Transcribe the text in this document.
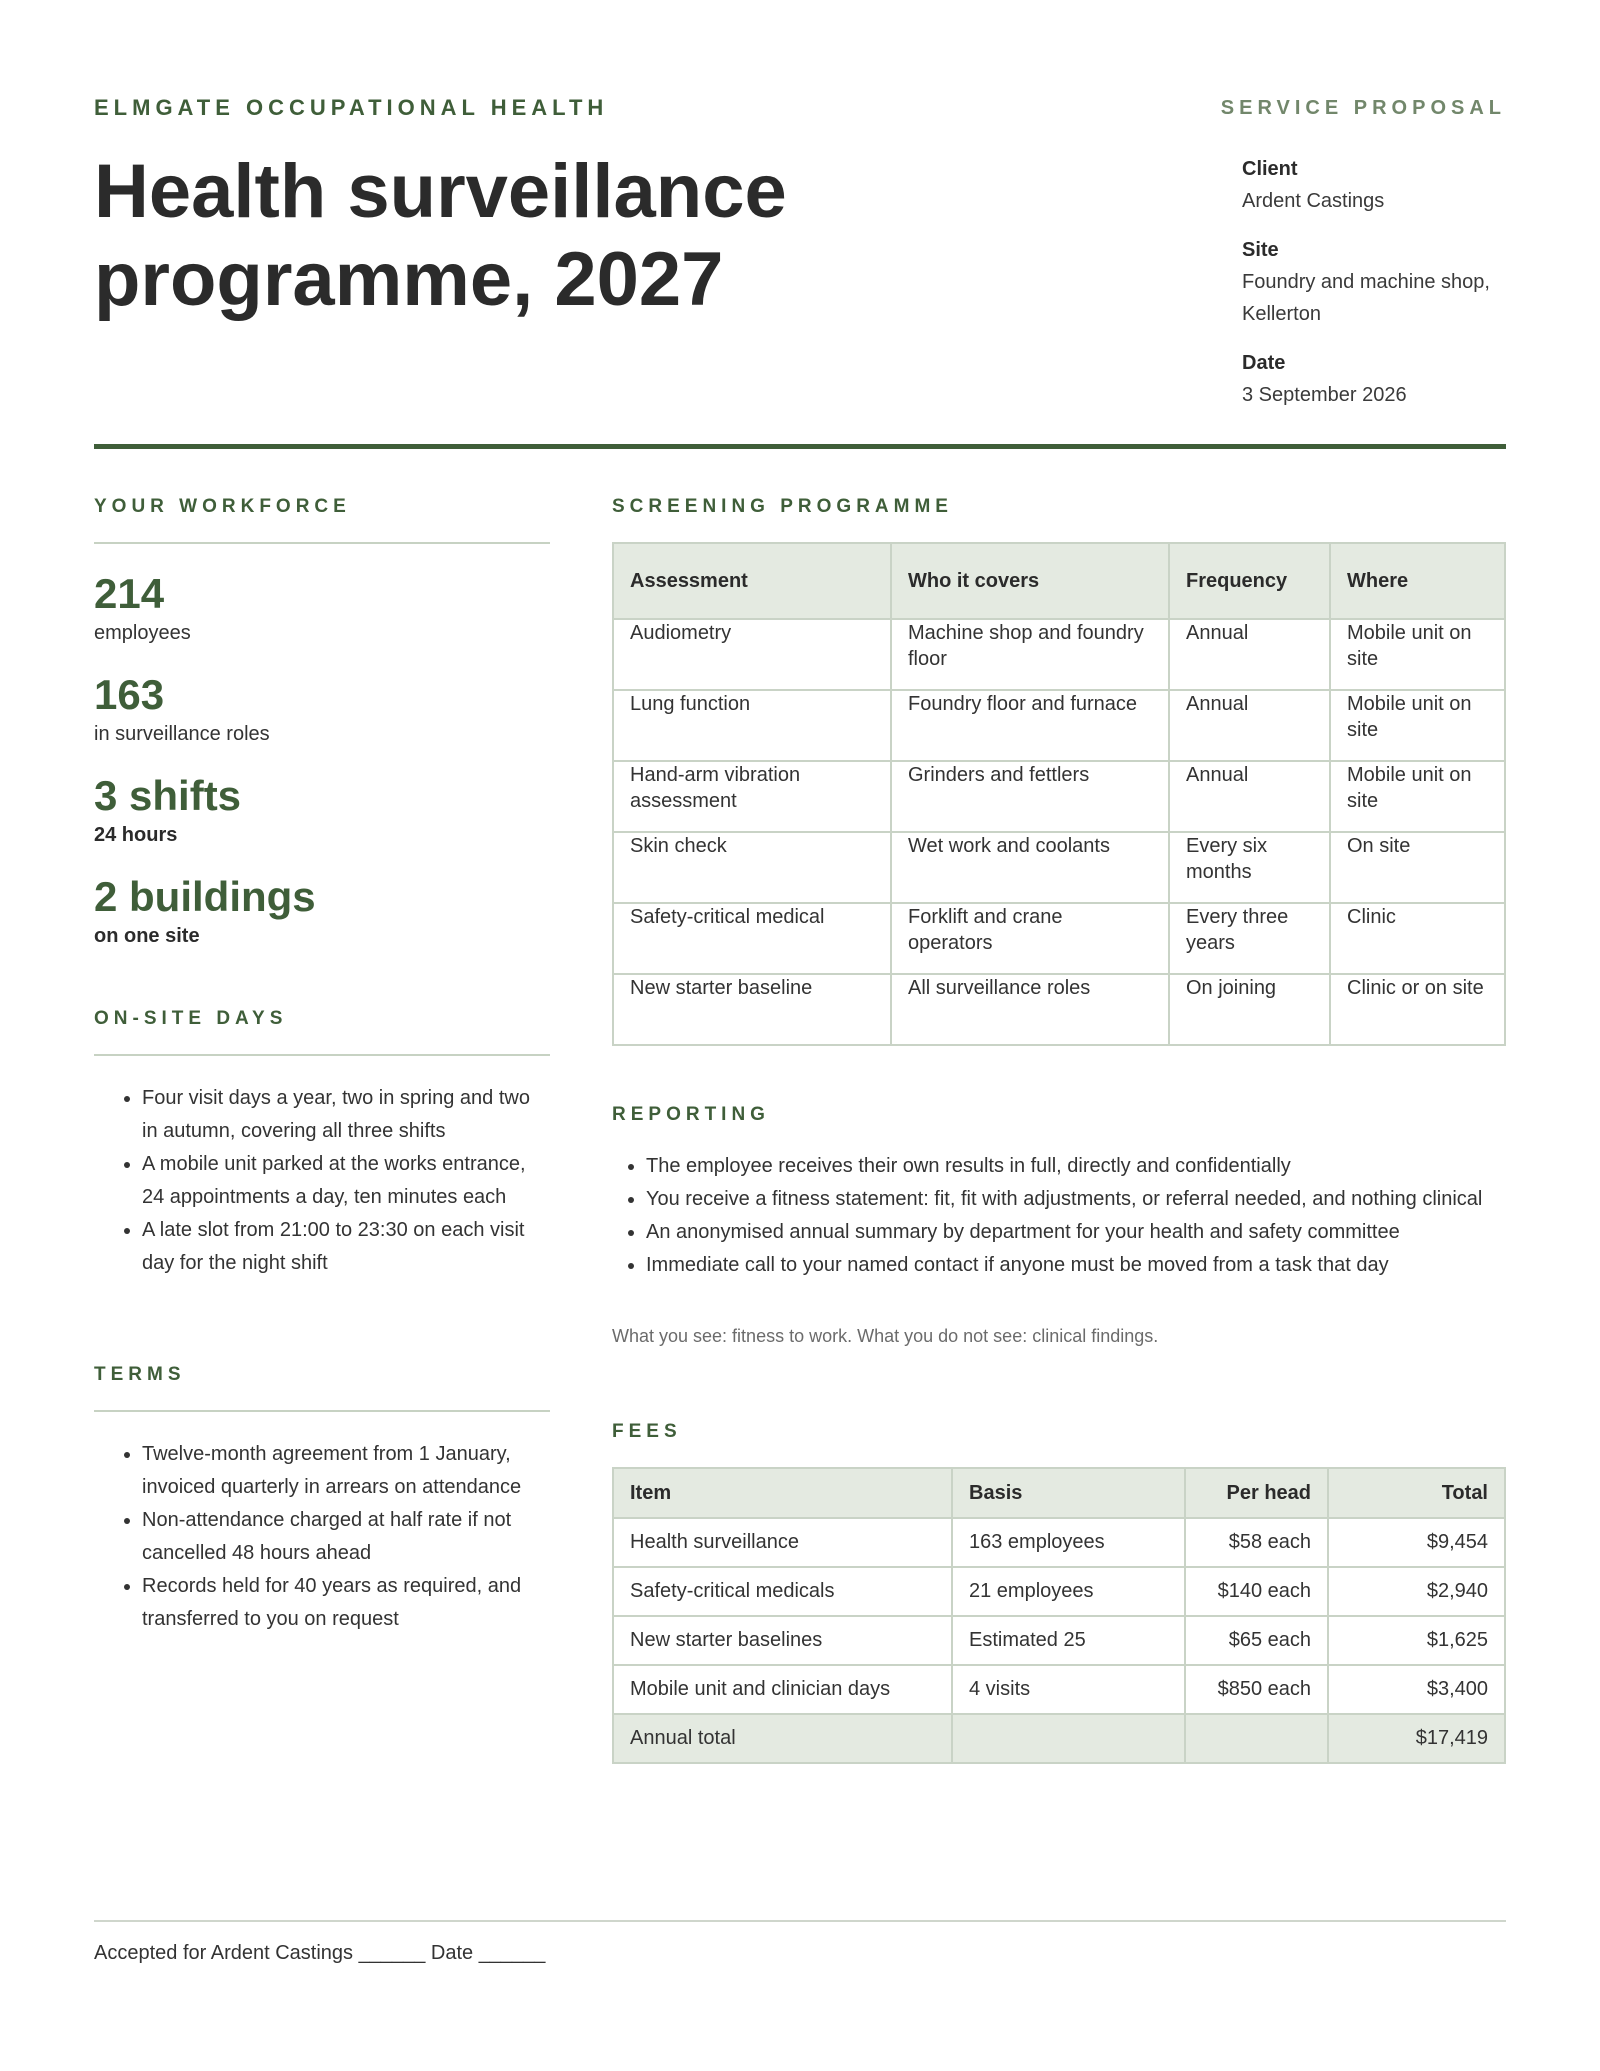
ELMGATE OCCUPATIONAL HEALTH	SERVICE PROPOSAL
Health surveillance
programme, 2027
Client
Ardent Castings
Site
Foundry and machine shop,
Kellerton
Date
3 September 2026
YOUR WORKFORCE
214
employees
163
in surveillance roles
3 shifts
24 hours
2 buildings
on one site
ON-SITE DAYS
• Four visit days a year, two in spring and two in autumn, covering all three shifts
• A mobile unit parked at the works entrance, 24 appointments a day, ten minutes each
• A late slot from 21:00 to 23:30 on each visit day for the night shift
TERMS
• Twelve-month agreement from 1 January, invoiced quarterly in arrears on attendance
• Non-attendance charged at half rate if not cancelled 48 hours ahead
• Records held for 40 years as required, and transferred to you on request
SCREENING PROGRAMME
Assessment	Who it covers	Frequency	Where
Audiometry	Machine shop and foundry floor	Annual	Mobile unit on site
Lung function	Foundry floor and furnace	Annual	Mobile unit on site
Hand-arm vibration assessment	Grinders and fettlers	Annual	Mobile unit on site
Skin check	Wet work and coolants	Every six months	On site
Safety-critical medical	Forklift and crane operators	Every three years	Clinic
New starter baseline	All surveillance roles	On joining	Clinic or on site
REPORTING
• The employee receives their own results in full, directly and confidentially
• You receive a fitness statement: fit, fit with adjustments, or referral needed, and nothing clinical
• An anonymised annual summary by department for your health and safety committee
• Immediate call to your named contact if anyone must be moved from a task that day
What you see: fitness to work. What you do not see: clinical findings.
FEES
Item	Basis	Per head	Total
Health surveillance	163 employees	$58 each	$9,454
Safety-critical medicals	21 employees	$140 each	$2,940
New starter baselines	Estimated 25	$65 each	$1,625
Mobile unit and clinician days	4 visits	$850 each	$3,400
Annual total			$17,419
Accepted for Ardent Castings ______ Date ______
